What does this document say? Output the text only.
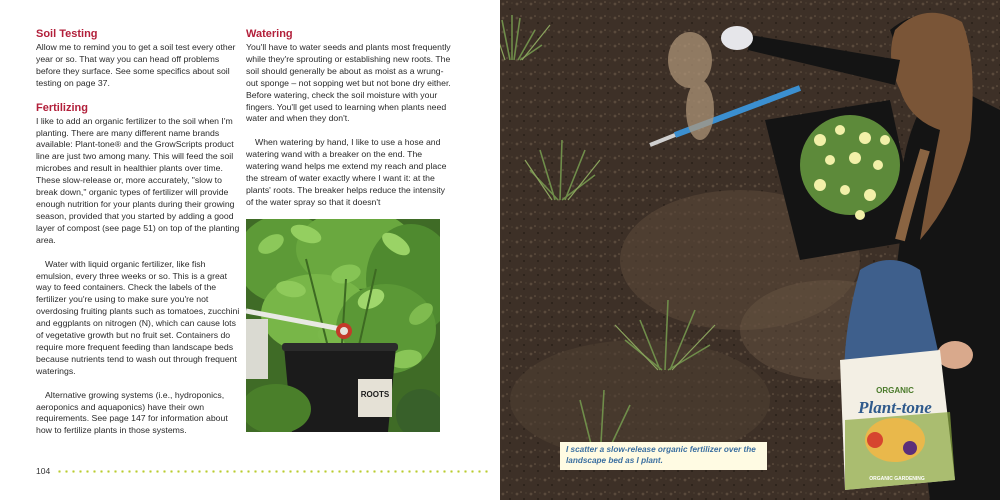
Soil Testing

Allow me to remind you to get a soil test every other year or so. That way you can head off problems before they surface. See some specifics about soil testing on page 37.

Fertilizing

I like to add an organic fertilizer to the soil when I'm planting. There are many different name brands available: Plant-tone® and the GrowScripts product line are just two among many. This will feed the soil microbes and result in healthier plants over time. These slow-release or, more accurately, "slow to break down," organic types of fertilizer will provide enough nutrition for your plants during their growing season, provided that you started by adding a good layer of compost (see page 51) on top of the planting area.

Water with liquid organic fertilizer, like fish emulsion, every three weeks or so. This is a great way to feed containers. Check the labels of the fertilizer you're using to make sure you're not overdosing fruiting plants such as tomatoes, zucchini and eggplants on nitrogen (N), which can cause lots of vegetative growth but no fruit set. Containers do require more frequent feeding than landscape beds because nutrients tend to wash out through frequent waterings.

Alternative growing systems (i.e., hydroponics, aeroponics and aquaponics) have their own requirements. See page 147 for information about how to fertilize plants in those systems.

Watering

You'll have to water seeds and plants most frequently while they're sprouting or establishing new roots. The soil should generally be about as moist as a wrung-out sponge – not sopping wet but not bone dry either. Before watering, check the soil moisture with your fingers. You'll get used to learning when plants need water and when they don't.

When watering by hand, I like to use a hose and watering wand with a breaker on the end. The watering wand helps me extend my reach and place the stream of water exactly where I want it: at the plants' roots. The breaker helps reduce the intensity of the water spray so that it doesn't

ROOTS
104
ORGANIC
Plant-tone
ORGANIC GARDENING
I scatter a slow-release organic fertilizer over the landscape bed as I plant.
